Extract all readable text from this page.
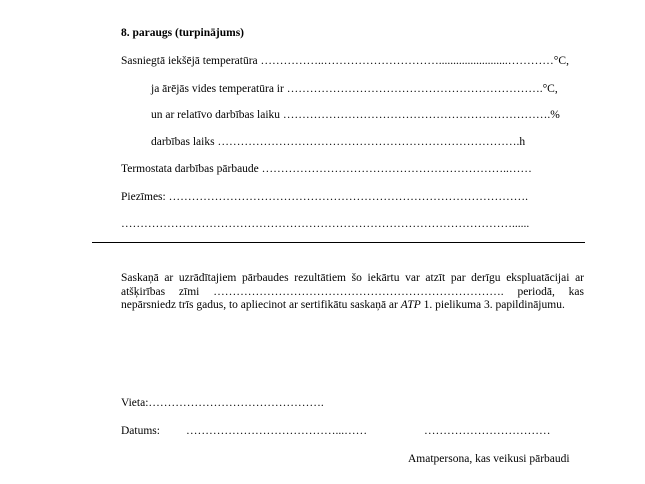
8. paraugs (turpinājums)
Sasniegtā iekšējā temperatūra ……………..…………………………........................…………°C,
ja ārējās vides temperatūra ir ………………………………………………………….°C,
un ar relatīvo darbības laiku …………………………………………………………….%
darbības laiks …………………………………………………………………….h
Termostata darbības pārbaude ………………………………………………………..……
Piezīmes: ………………………………………………………………………………….
…………………………………………………………………………………………......
Saskaņā ar uzrādītajiem pārbaudes rezultātiem šo iekārtu var atzīt par derīgu ekspluatācijai ar atšķirības zīmi …………………………………………………………………. periodā, kas nepārsniedz trīs gadus, to apliecinot ar sertifikātu saskaņā ar ATP 1. pielikuma 3. papildinājumu.
Vieta:……………………………………….
Datums: …………………………………...……	……………………………
Amatpersona, kas veikusi pārbaudi
